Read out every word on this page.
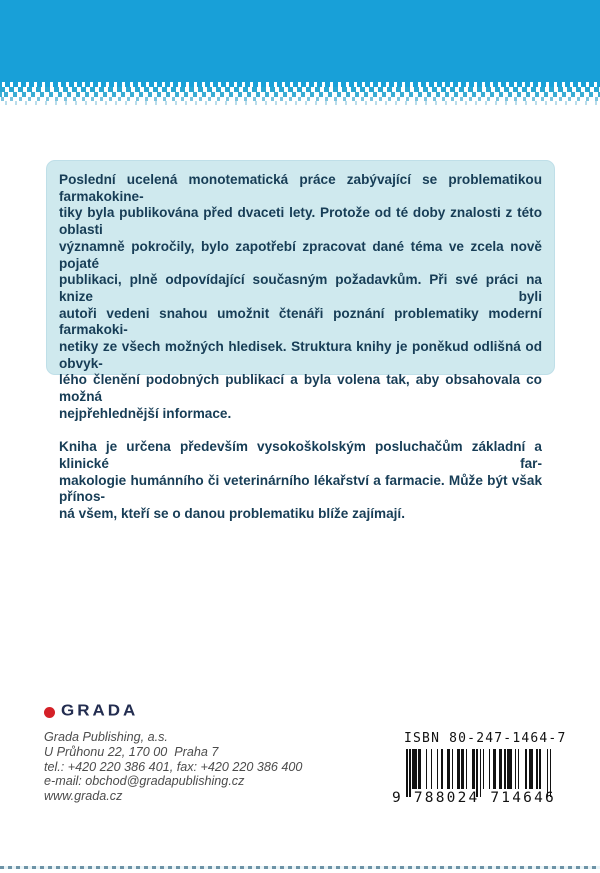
Poslední ucelená monotematická práce zabývající se problematikou farmakokine-
tiky byla publikována před dvaceti lety. Protože od té doby znalosti z této oblasti
významně pokročily, bylo zapotřebí zpracovat dané téma ve zcela nově pojaté
publikaci, plně odpovídající současným požadavkům. Při své práci na knize byli
autoři vedeni snahou umožnit čtenáři poznání problematiky moderní farmakoki-
netiky ze všech možných hledisek. Struktura knihy je poněkud odlišná od obvyk-
lého členění podobných publikací a byla volena tak, aby obsahovala co možná
nejpřehlednější informace.
Kniha je určena především vysokoškolským posluchačům základní a klinické far-
makologie humánního či veterinárního lékařství a farmacie. Může být však přínos-
ná všem, kteří se o danou problematiku blíže zajímají.
GRADA
Grada Publishing, a.s.
U Průhonu 22, 170 00  Praha 7
tel.: +420 220 386 401, fax: +420 220 386 400
e-mail: obchod@gradapublishing.cz
www.grada.cz
ISBN 80-247-1464-7
9 788024 714646
